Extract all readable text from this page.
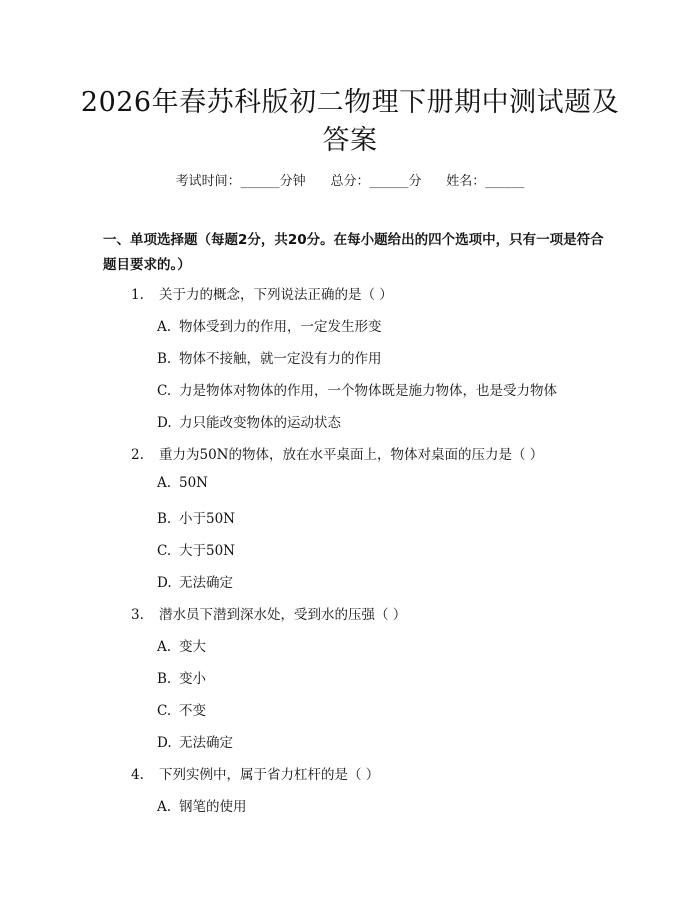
2026年春苏科版初二物理下册期中测试题及答案
考试时间：______分钟 总分：______分 姓名：______
一、单项选择题（每题2分，共20分。在每小题给出的四个选项中，只有一项是符合题目要求的。）
1. 关于力的概念，下列说法正确的是（ ）
A. 物体受到力的作用，一定发生形变
B. 物体不接触，就一定没有力的作用
C. 力是物体对物体的作用，一个物体既是施力物体，也是受力物体
D. 力只能改变物体的运动状态
2. 重力为50N的物体，放在水平桌面上，物体对桌面的压力是（ ）
A. 50N
B. 小于50N
C. 大于50N
D. 无法确定
3. 潜水员下潜到深水处，受到水的压强（ ）
A. 变大
B. 变小
C. 不变
D. 无法确定
4. 下列实例中，属于省力杠杆的是（ ）
A. 钢笔的使用
